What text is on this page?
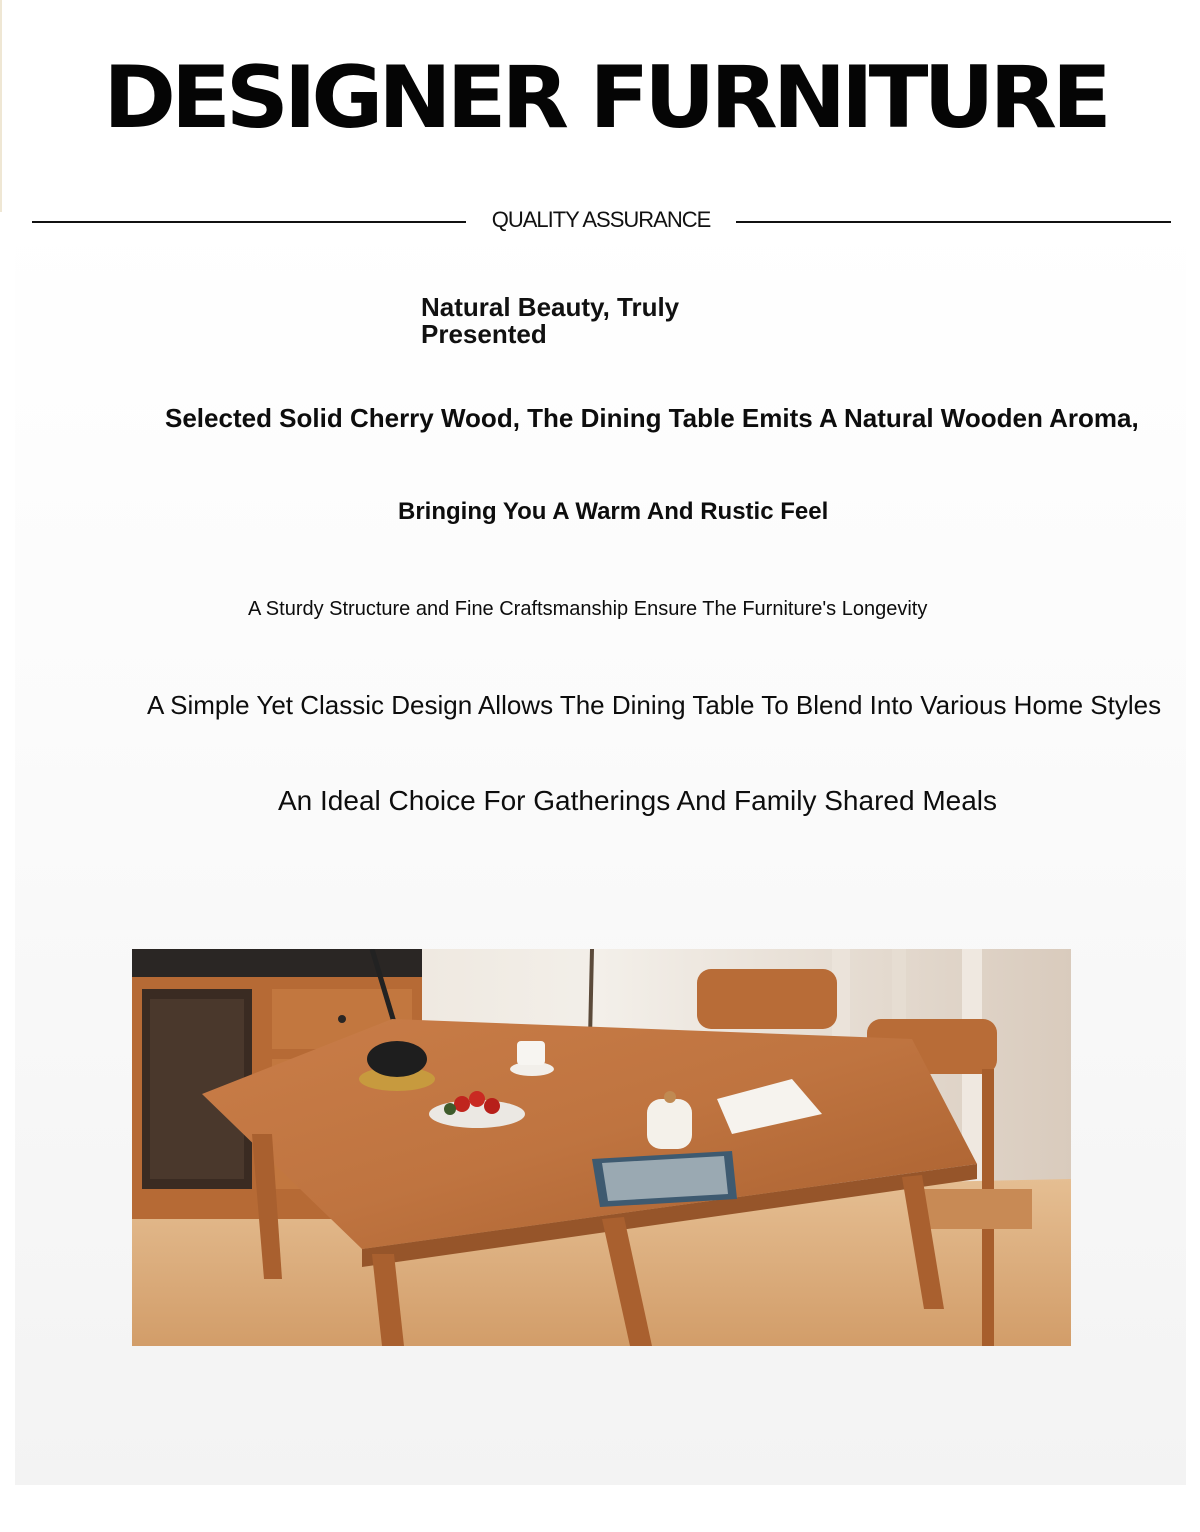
DESIGNER FURNITURE
QUALITY ASSURANCE
Natural Beauty, Truly Presented
Selected Solid Cherry Wood, The Dining Table Emits A Natural Wooden Aroma,
Bringing You A Warm And Rustic Feel
A Sturdy Structure and Fine Craftsmanship Ensure The Furniture's Longevity
A Simple Yet Classic Design Allows The Dining Table To Blend Into Various Home Styles
An Ideal Choice For Gatherings And Family Shared Meals
